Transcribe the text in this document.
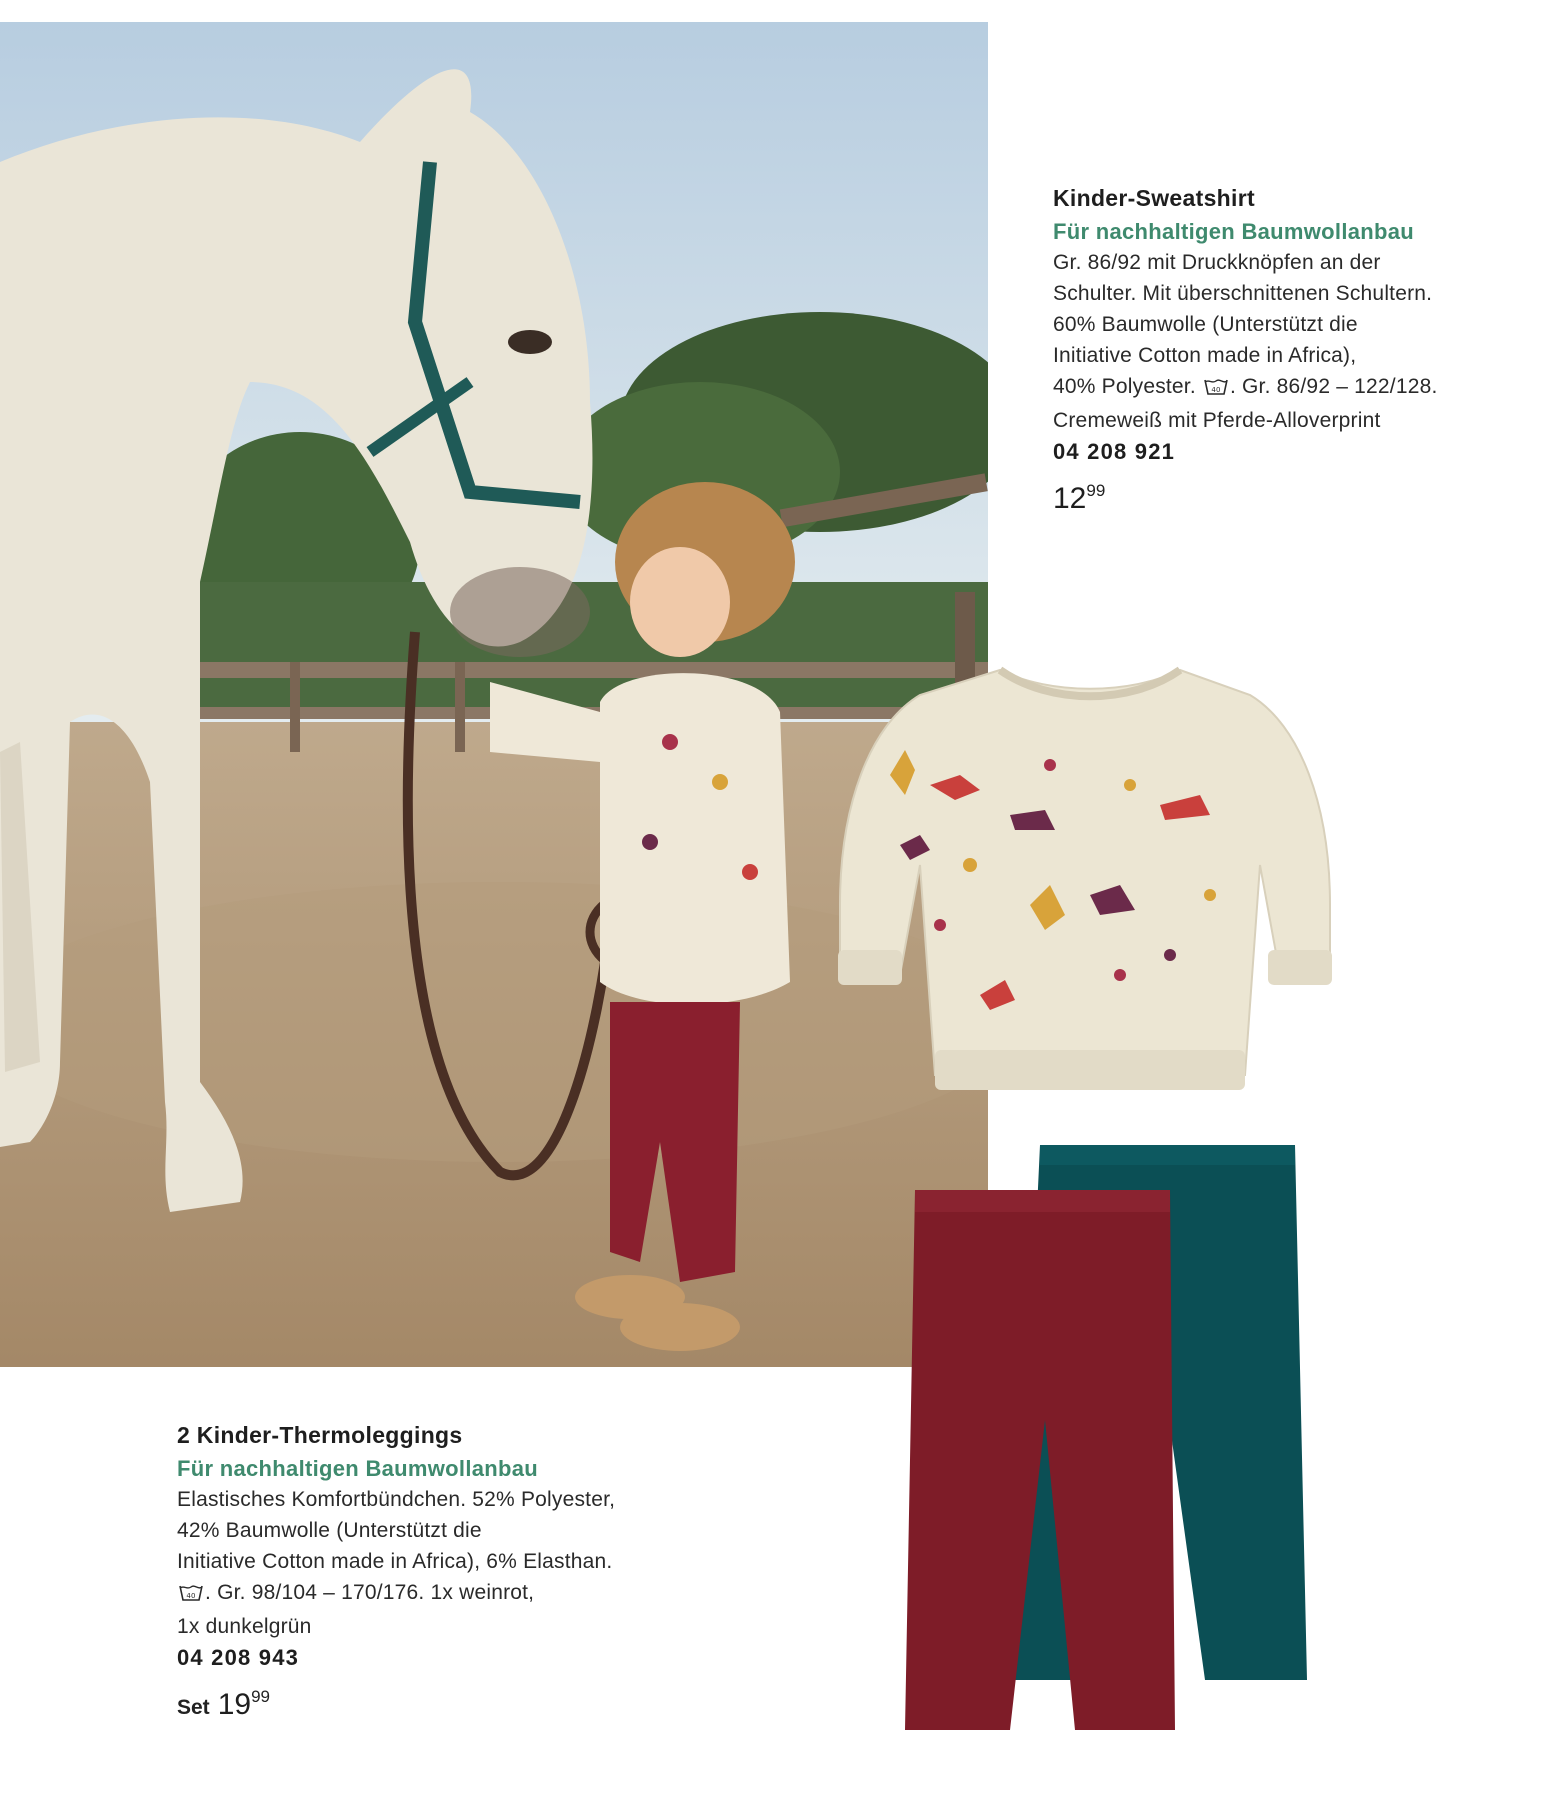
Kinder-Sweatshirt
Für nachhaltigen Baumwollanbau
Gr. 86/92 mit Druckknöpfen an der
Schulter. Mit überschnittenen Schultern.
60% Baumwolle (Unterstützt die
Initiative Cotton made in Africa),
40% Polyester. 40 . Gr. 86/92 – 122/128.
Cremeweiß mit Pferde-Alloverprint
04 208 921
1299
2 Kinder-Thermoleggings
Für nachhaltigen Baumwollanbau
Elastisches Komfortbündchen. 52% Polyester,
42% Baumwolle (Unterstützt die
Initiative Cotton made in Africa), 6% Elasthan.
40 . Gr. 98/104 – 170/176. 1x weinrot,
1x dunkelgrün
04 208 943
Set 1999
